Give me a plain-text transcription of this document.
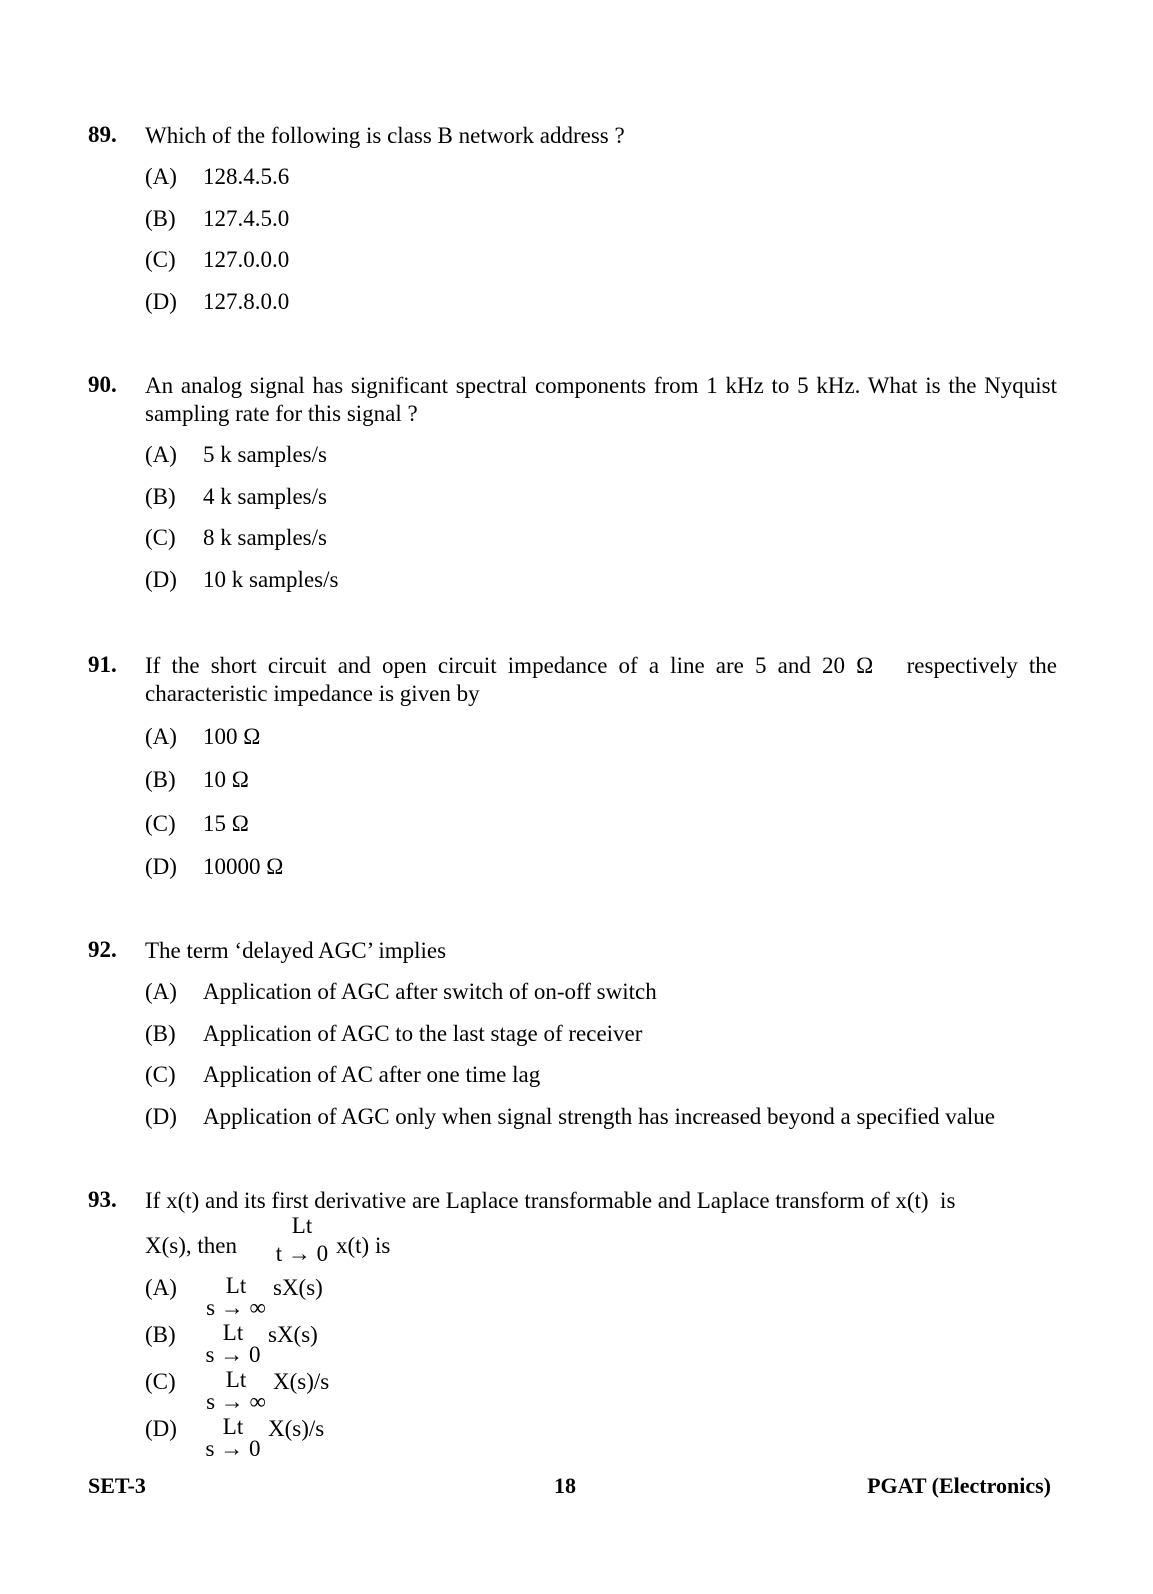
89. Which of the following is class B network address ?
(A) 128.4.5.6
(B) 127.4.5.0
(C) 127.0.0.0
(D) 127.8.0.0
90. An analog signal has significant spectral components from 1 kHz to 5 kHz. What is the Nyquist sampling rate for this signal ?
(A) 5 k samples/s
(B) 4 k samples/s
(C) 8 k samples/s
(D) 10 k samples/s
91. If the short circuit and open circuit impedance of a line are 5 and 20 Ω   respectively the characteristic impedance is given by
(A) 100 Ω
(B) 10 Ω
(C) 15 Ω
(D) 10000 Ω
92. The term ‘delayed AGC’ implies
(A) Application of AGC after switch of on-off switch
(B) Application of AGC to the last stage of receiver
(C) Application of AC after one time lag
(D) Application of AGC only when signal strength has increased beyond a specified value
93. If x(t) and its first derivative are Laplace transformable and Laplace transform of x(t)  is
X(s), then
Lt
t → 0 x(t) is
(A)	Lt
s → ∞
sX(s)
(B)	Lt
s → 0
sX(s)
(C)	Lt
s → ∞
X(s)/s
(D)	Lt
s → 0
X(s)/s
SET-3	18	PGAT (Electronics)
